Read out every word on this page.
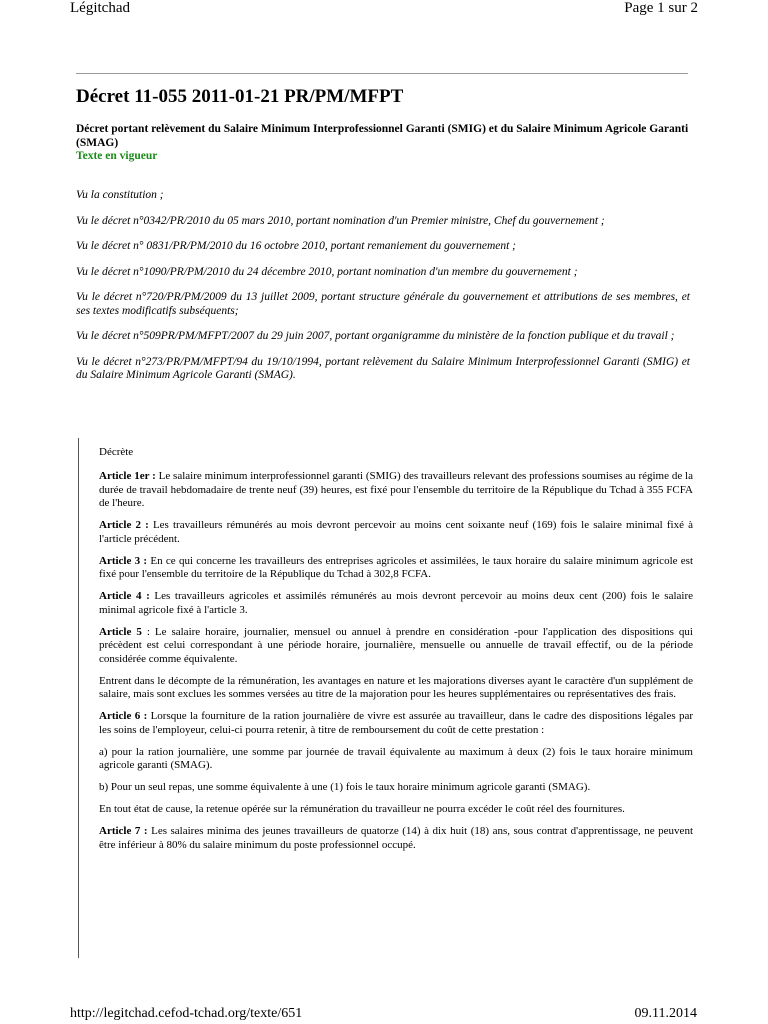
Légitchad	Page 1 sur 2
Décret 11-055 2011-01-21 PR/PM/MFPT
Décret portant relèvement du Salaire Minimum Interprofessionnel Garanti (SMIG) et du Salaire Minimum Agricole Garanti (SMAG)
Texte en vigueur

Vu la constitution ;

Vu le décret n°0342/PR/2010 du 05 mars 2010, portant nomination d'un Premier ministre, Chef du gouvernement ;

Vu le décret n° 0831/PR/PM/2010 du 16 octobre 2010, portant remaniement du gouvernement ;

Vu le décret n°1090/PR/PM/2010 du 24 décembre 2010, portant nomination d'un membre du gouvernement ;

Vu le décret n°720/PR/PM/2009 du 13 juillet 2009, portant structure générale du gouvernement et attributions de ses membres, et ses textes modificatifs subséquents;

Vu le décret n°509PR/PM/MFPT/2007 du 29 juin 2007, portant organigramme du ministère de la fonction publique et du travail ;

Vu le décret n°273/PR/PM/MFPT/94 du 19/10/1994, portant relèvement du Salaire Minimum Interprofessionnel Garanti (SMIG) et du Salaire Minimum Agricole Garanti (SMAG).

Décrète

Article 1er : Le salaire minimum interprofessionnel garanti (SMIG) des travailleurs relevant des professions soumises au régime de la durée de travail hebdomadaire de trente neuf (39) heures, est fixé pour l'ensemble du territoire de la République du Tchad à 355 FCFA de l'heure.

Article 2 : Les travailleurs rémunérés au mois devront percevoir au moins cent soixante neuf (169) fois le salaire minimal fixé à l'article précédent.

Article 3 : En ce qui concerne les travailleurs des entreprises agricoles et assimilées, le taux horaire du salaire minimum agricole est fixé pour l'ensemble du territoire de la République du Tchad à 302,8 FCFA.

Article 4 : Les travailleurs agricoles et assimilés rémunérés au mois devront percevoir au moins deux cent (200) fois le salaire minimal agricole fixé à l'article 3.

Article 5 : Le salaire horaire, journalier, mensuel ou annuel à prendre en considération -pour l'application des dispositions qui précèdent est celui correspondant à une période horaire, journalière, mensuelle ou annuelle de travail effectif, ou de la période considérée comme équivalente.

Entrent dans le décompte de la rémunération, les avantages en nature et les majorations diverses ayant le caractère d'un supplément de salaire, mais sont exclues les sommes versées au titre de la majoration pour les heures supplémentaires ou représentatives des frais.

Article 6 : Lorsque la fourniture de la ration journalière de vivre est assurée au travailleur, dans le cadre des dispositions légales par les soins de l'employeur, celui-ci pourra retenir, à titre de remboursement du coût de cette prestation :

a) pour la ration journalière, une somme par journée de travail équivalente au maximum à deux (2) fois le taux horaire minimum agricole garanti (SMAG).

b) Pour un seul repas, une somme équivalente à une (1) fois le taux horaire minimum agricole garanti (SMAG).

En tout état de cause, la retenue opérée sur la rémunération du travailleur ne pourra excéder le coût réel des fournitures.

Article 7 : Les salaires minima des jeunes travailleurs de quatorze (14) à dix huit (18) ans, sous contrat d'apprentissage, ne peuvent être inférieur à 80% du salaire minimum du poste professionnel occupé.

http://legitchad.cefod-tchad.org/texte/651	09.11.2014
